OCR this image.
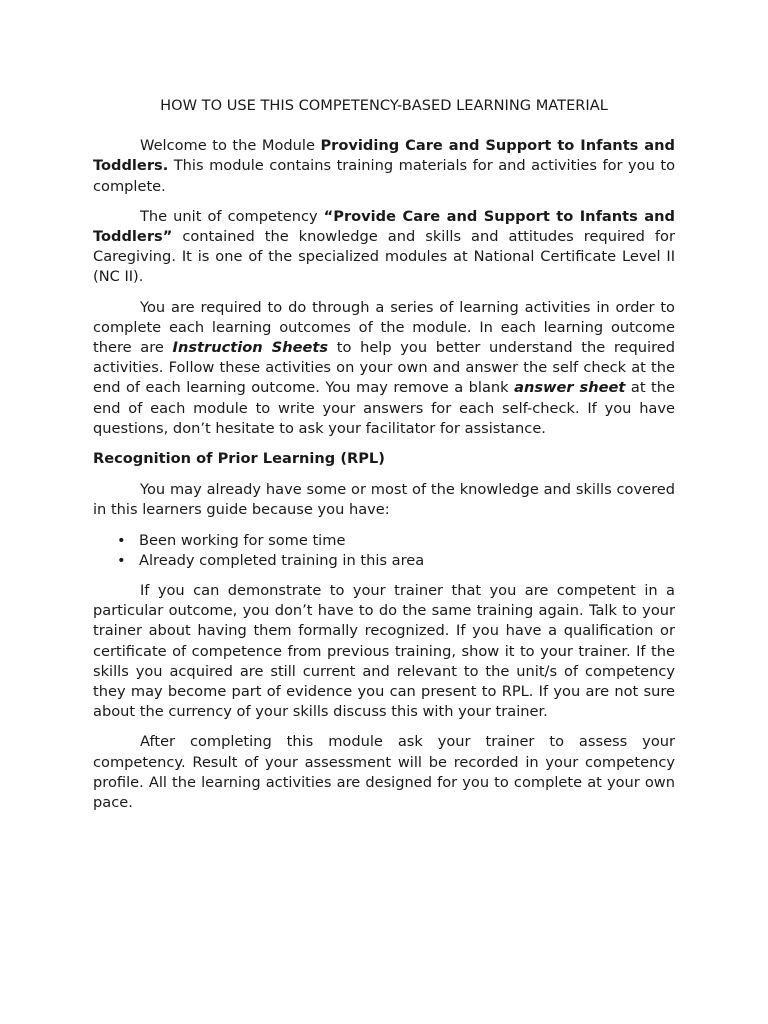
HOW TO USE THIS COMPETENCY-BASED LEARNING MATERIAL

Welcome to the Module Providing Care and Support to Infants and Toddlers. This module contains training materials for and activities for you to complete.

The unit of competency “Provide Care and Support to Infants and Toddlers” contained the knowledge and skills and attitudes required for Caregiving. It is one of the specialized modules at National Certificate Level II (NC II).

You are required to do through a series of learning activities in order to complete each learning outcomes of the module. In each learning outcome there are Instruction Sheets to help you better understand the required activities. Follow these activities on your own and answer the self check at the end of each learning outcome. You may remove a blank answer sheet at the end of each module to write your answers for each self-check. If you have questions, don’t hesitate to ask your facilitator for assistance.

Recognition of Prior Learning (RPL)

You may already have some or most of the knowledge and skills covered in this learners guide because you have:

• Been working for some time
• Already completed training in this area

If you can demonstrate to your trainer that you are competent in a particular outcome, you don’t have to do the same training again. Talk to your trainer about having them formally recognized. If you have a qualification or certificate of competence from previous training, show it to your trainer. If the skills you acquired are still current and relevant to the unit/s of competency they may become part of evidence you can present to RPL. If you are not sure about the currency of your skills discuss this with your trainer.

After completing this module ask your trainer to assess your competency. Result of your assessment will be recorded in your competency profile. All the learning activities are designed for you to complete at your own pace.
